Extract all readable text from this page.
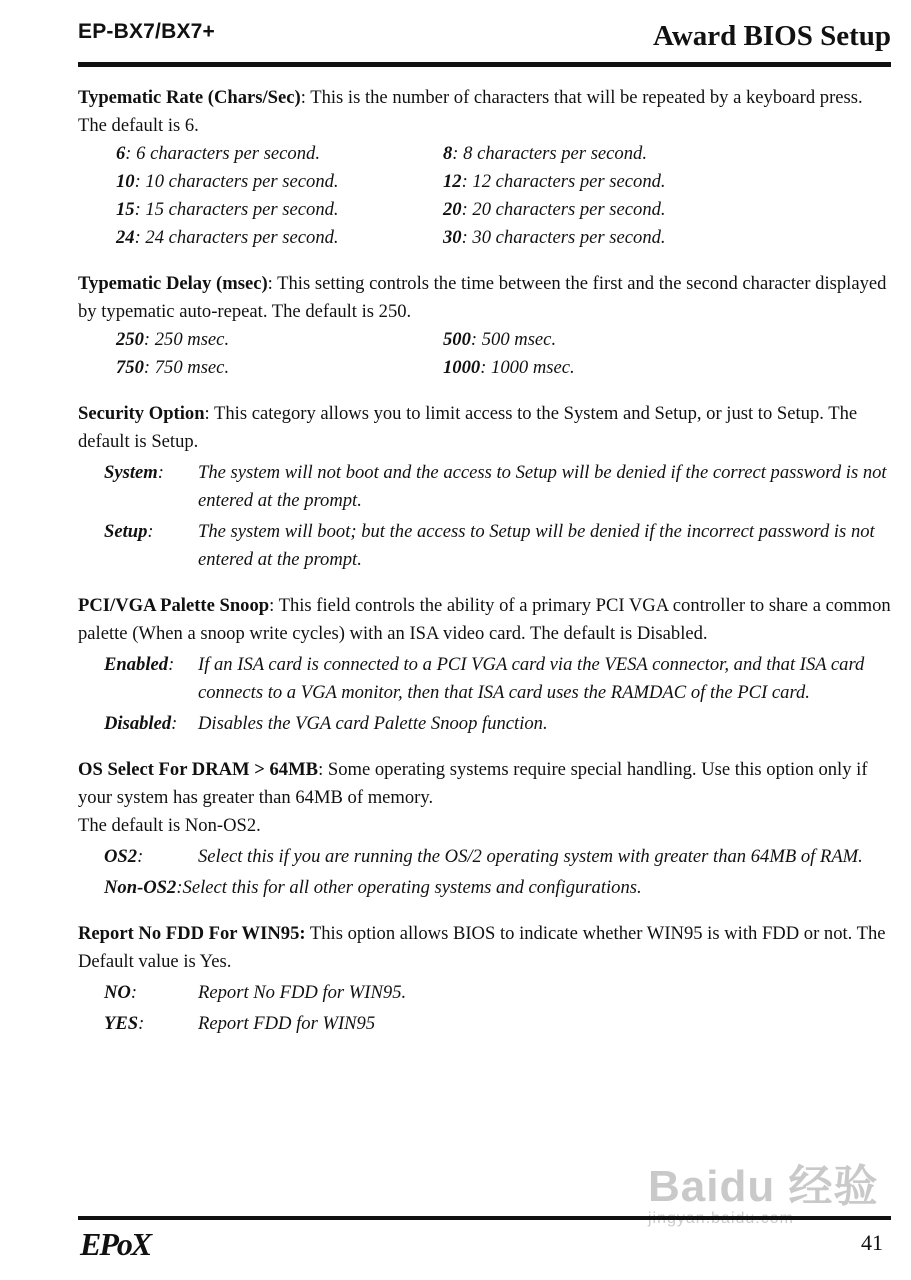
EP-BX7/BX7+	Award BIOS Setup
Typematic Rate (Chars/Sec): This is the number of characters that will be repeated by a keyboard press. The default is 6.
6: 6 characters per second.	8: 8 characters per second.
10: 10 characters per second.	12: 12 characters per second.
15: 15 characters per second.	20: 20 characters per second.
24: 24 characters per second.	30: 30 characters per second.
Typematic Delay (msec): This setting controls the time between the first and the second character displayed by typematic auto-repeat. The default is 250.
250: 250 msec.	500: 500 msec.
750: 750 msec.	1000: 1000 msec.
Security Option: This category allows you to limit access to the System and Setup, or just to Setup. The default is Setup.
System:	The system will not boot and the access to Setup will be denied if the correct password is not entered at the prompt.
Setup:	The system will boot; but the access to Setup will be denied if the incorrect password is not entered at the prompt.
PCI/VGA Palette Snoop: This field controls the ability of a primary PCI VGA controller to share a common palette (When a snoop write cycles) with an ISA video card. The default is Disabled.
Enabled:	If an ISA card is connected to a PCI VGA card via the VESA connector, and that ISA card connects to a VGA monitor, then that ISA card uses the RAMDAC of the PCI card.
Disabled:	Disables the VGA card Palette Snoop function.
OS Select For DRAM > 64MB: Some operating systems require special handling. Use this option only if your system has greater than 64MB of memory.
The default is Non-OS2.
OS2:	Select this if you are running the OS/2 operating system with greater than 64MB of RAM.
Non-OS2: Select this for all other operating systems and configurations.
Report No FDD For WIN95: This option allows BIOS to indicate whether WIN95 is with FDD or not. The Default value is Yes.
NO:	Report No FDD for WIN95.
YES:	Report FDD for WIN95
Baidu 经验
EPoX	41
